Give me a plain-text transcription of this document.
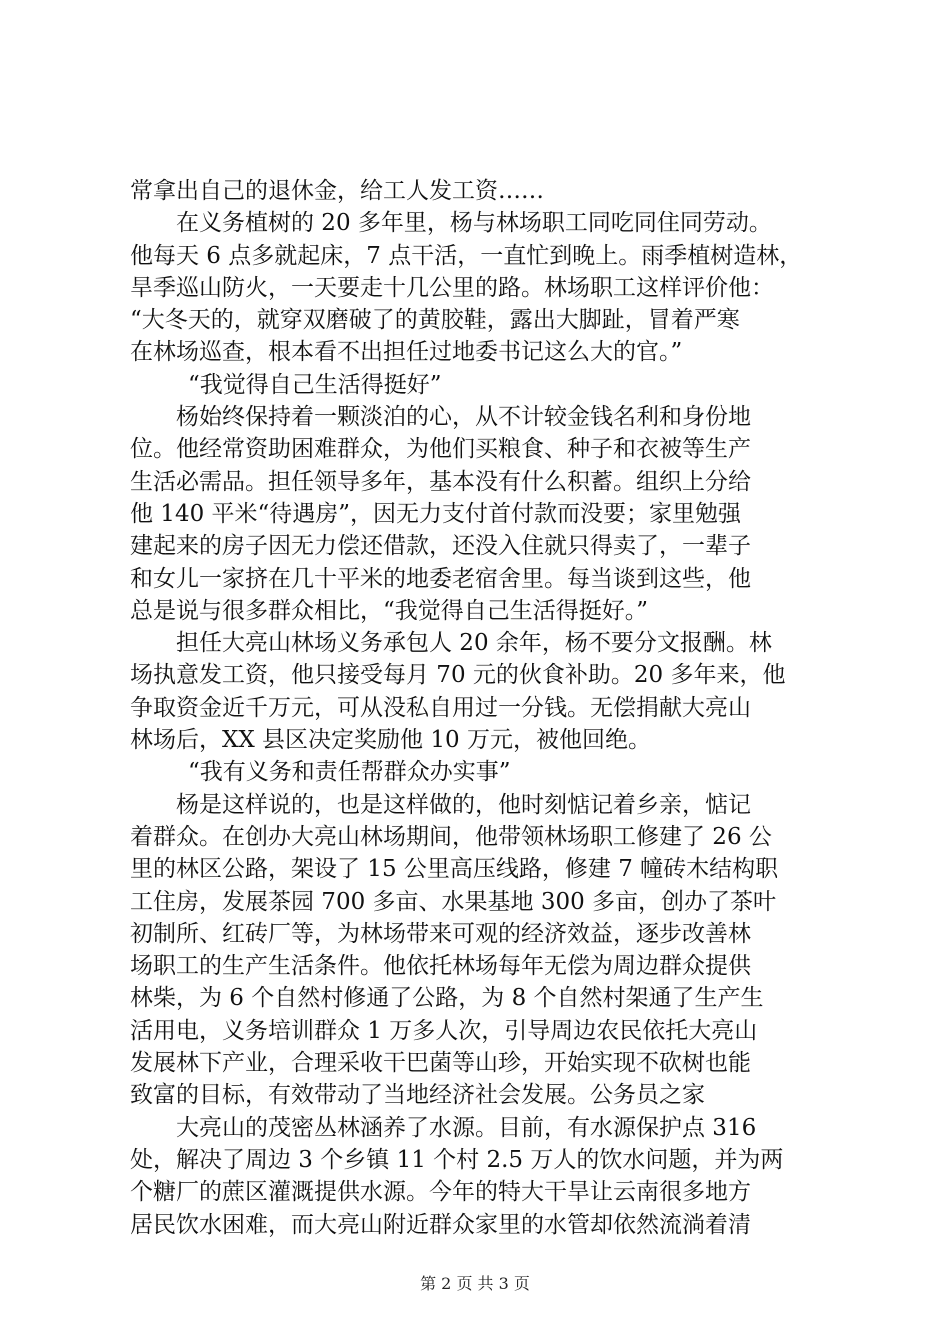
常拿出自己的退休金，给工人发工资……
在义务植树的 20 多年里，杨与林场职工同吃同住同劳动。
他每天 6 点多就起床，7 点干活，一直忙到晚上。雨季植树造林，
旱季巡山防火，一天要走十几公里的路。林场职工这样评价他：
“大冬天的，就穿双磨破了的黄胶鞋，露出大脚趾，冒着严寒
在林场巡查，根本看不出担任过地委书记这么大的官。”
“我觉得自己生活得挺好”
杨始终保持着一颗淡泊的心，从不计较金钱名利和身份地
位。他经常资助困难群众，为他们买粮食、种子和衣被等生产
生活必需品。担任领导多年，基本没有什么积蓄。组织上分给
他 140 平米“待遇房”，因无力支付首付款而没要；家里勉强
建起来的房子因无力偿还借款，还没入住就只得卖了，一辈子
和女儿一家挤在几十平米的地委老宿舍里。每当谈到这些，他
总是说与很多群众相比，“我觉得自己生活得挺好。”
担任大亮山林场义务承包人 20 余年，杨不要分文报酬。林
场执意发工资，他只接受每月 70 元的伙食补助。20 多年来，他
争取资金近千万元，可从没私自用过一分钱。无偿捐献大亮山
林场后，XX 县区决定奖励他 10 万元，被他回绝。
“我有义务和责任帮群众办实事”
杨是这样说的，也是这样做的，他时刻惦记着乡亲，惦记
着群众。在创办大亮山林场期间，他带领林场职工修建了 26 公
里的林区公路，架设了 15 公里高压线路，修建 7 幢砖木结构职
工住房，发展茶园 700 多亩、水果基地 300 多亩，创办了茶叶
初制所、红砖厂等，为林场带来可观的经济效益，逐步改善林
场职工的生产生活条件。他依托林场每年无偿为周边群众提供
林柴，为 6 个自然村修通了公路，为 8 个自然村架通了生产生
活用电，义务培训群众 1 万多人次，引导周边农民依托大亮山
发展林下产业，合理采收干巴菌等山珍，开始实现不砍树也能
致富的目标，有效带动了当地经济社会发展。公务员之家
大亮山的茂密丛林涵养了水源。目前，有水源保护点 316
处，解决了周边 3 个乡镇 11 个村 2.5 万人的饮水问题，并为两
个糖厂的蔗区灌溉提供水源。今年的特大干旱让云南很多地方
居民饮水困难，而大亮山附近群众家里的水管却依然流淌着清
第 2 页 共 3 页
